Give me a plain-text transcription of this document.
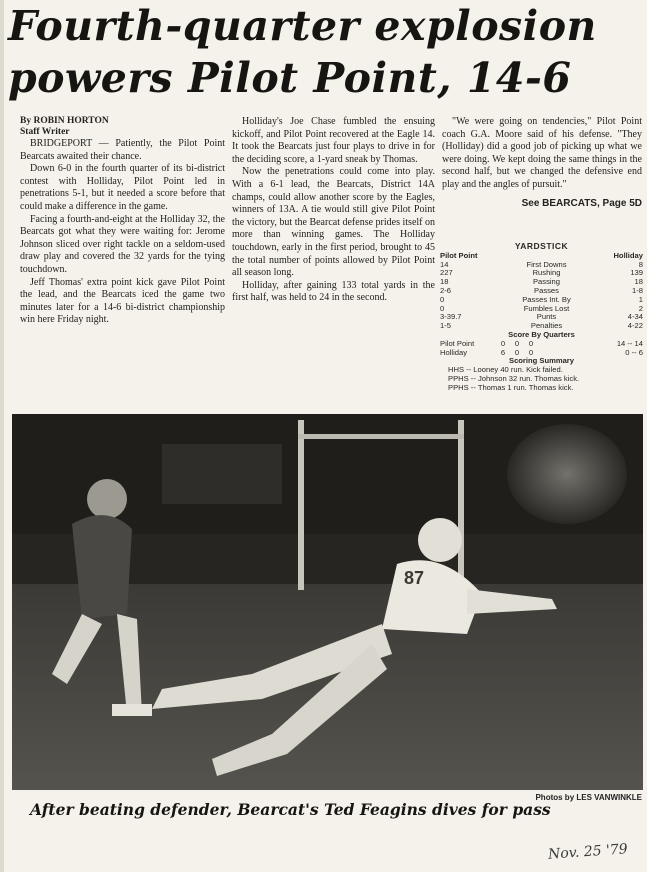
Fourth-quarter explosion
powers Pilot Point, 14-6
By ROBIN HORTON
Staff Writer

BRIDGEPORT — Patiently, the Pilot Point Bearcats awaited their chance.

Down 6-0 in the fourth quarter of its bi-district contest with Holliday, Pilot Point led in penetrations 5-1, but it needed a score before that could make a difference in the game.

Facing a fourth-and-eight at the Holliday 32, the Bearcats got what they were waiting for: Jerome Johnson sliced over right tackle on a seldom-used draw play and covered the 32 yards for the tying touchdown.

Jeff Thomas' extra point kick gave Pilot Point the lead, and the Bearcats iced the game two minutes later for a 14-6 bi-district championship win here Friday night.

Holliday's Joe Chase fumbled the ensuing kickoff, and Pilot Point recovered at the Eagle 14. It took the Bearcats just four plays to drive in for the deciding score, a 1-yard sneak by Thomas.

Now the penetrations could come into play. With a 6-1 lead, the Bearcats, District 14A champs, could allow another score by the Eagles, winners of 13A. A tie would still give Pilot Point the victory, but the Bearcat defense prides itself on more than winning games. The Holliday touchdown, early in the first period, brought to 45 the total number of points allowed by Pilot Point all season long.

Holliday, after gaining 133 total yards in the first half, was held to 24 in the second.

"We were going on tendencies," Pilot Point coach G.A. Moore said of his defense. "They (Holliday) did a good job of picking up what we were doing. We kept doing the same things in the second half, but we changed the defensive end play and the angles of pursuit."

See BEARCATS, Page 5D
YARDSTICK
Pilot Point	Holliday
14	First Downs	8
227	Rushing	139
18	Passing	18
2-6	Passes	1-8
0	Passes Int. By	1
0	Fumbles Lost	2
3-39.7	Punts	4-34
1-5	Penalties	4-22
Score By Quarters
Pilot Point	0	0	0	14 -- 14
Holliday	6	0	0	0 -- 6
Scoring Summary
HHS -- Looney 40 run. Kick failed.
PPHS -- Johnson 32 run. Thomas kick.
PPHS -- Thomas 1 run. Thomas kick.
87
Photos by LES VANWINKLE
After beating defender, Bearcat's Ted Feagins dives for pass
Nov. 25 '79
